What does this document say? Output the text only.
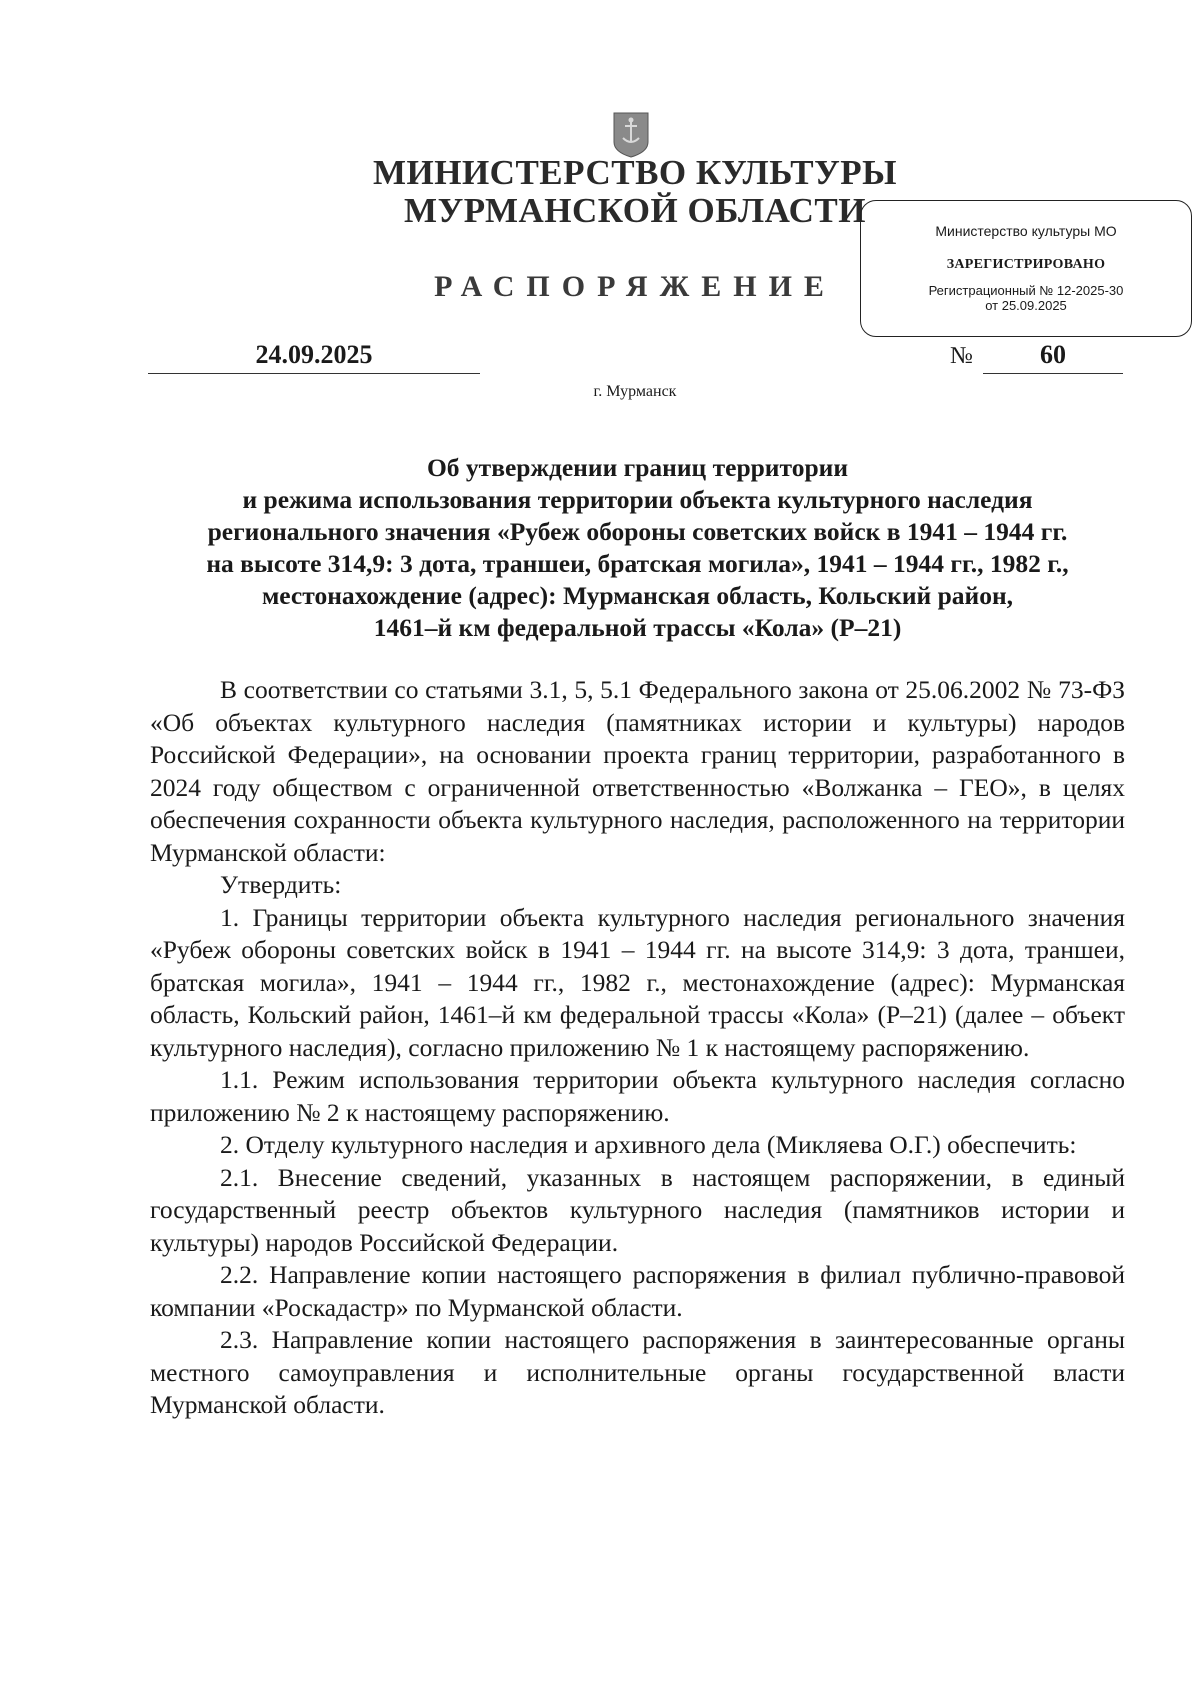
МИНИСТЕРСТВО КУЛЬТУРЫ
МУРМАНСКОЙ ОБЛАСТИ
РАСПОРЯЖЕНИЕ
Министерство культуры МО
ЗАРЕГИСТРИРОВАНО
Регистрационный № 12-2025-30
от 25.09.2025
24.09.2025	№	60
г. Мурманск
Об утверждении границ территории
и режима использования территории объекта культурного наследия
регионального значения «Рубеж обороны советских войск в 1941 – 1944 гг.
на высоте 314,9: 3 дота, траншеи, братская могила», 1941 – 1944 гг., 1982 г.,
местонахождение (адрес): Мурманская область, Кольский район,
1461–й км федеральной трассы «Кола» (Р–21)

В соответствии со статьями 3.1, 5, 5.1 Федерального закона от 25.06.2002 № 73-ФЗ «Об объектах культурного наследия (памятниках истории и культуры) народов Российской Федерации», на основании проекта границ территории, разработанного в 2024 году обществом с ограниченной ответственностью «Волжанка – ГЕО», в целях обеспечения сохранности объекта культурного наследия, расположенного на территории Мурманской области:

Утвердить:

1. Границы территории объекта культурного наследия регионального значения «Рубеж обороны советских войск в 1941 – 1944 гг. на высоте 314,9: 3 дота, траншеи, братская могила», 1941 – 1944 гг., 1982 г., местонахождение (адрес): Мурманская область, Кольский район, 1461–й км федеральной трассы «Кола» (Р–21) (далее – объект культурного наследия), согласно приложению № 1 к настоящему распоряжению.

1.1. Режим использования территории объекта культурного наследия согласно приложению № 2 к настоящему распоряжению.

2. Отделу культурного наследия и архивного дела (Микляева О.Г.) обеспечить:

2.1. Внесение сведений, указанных в настоящем распоряжении, в единый государственный реестр объектов культурного наследия (памятников истории и культуры) народов Российской Федерации.

2.2. Направление копии настоящего распоряжения в филиал публично-правовой компании «Роскадастр» по Мурманской области.

2.3. Направление копии настоящего распоряжения в заинтересованные органы местного самоуправления и исполнительные органы государственной власти Мурманской области.
